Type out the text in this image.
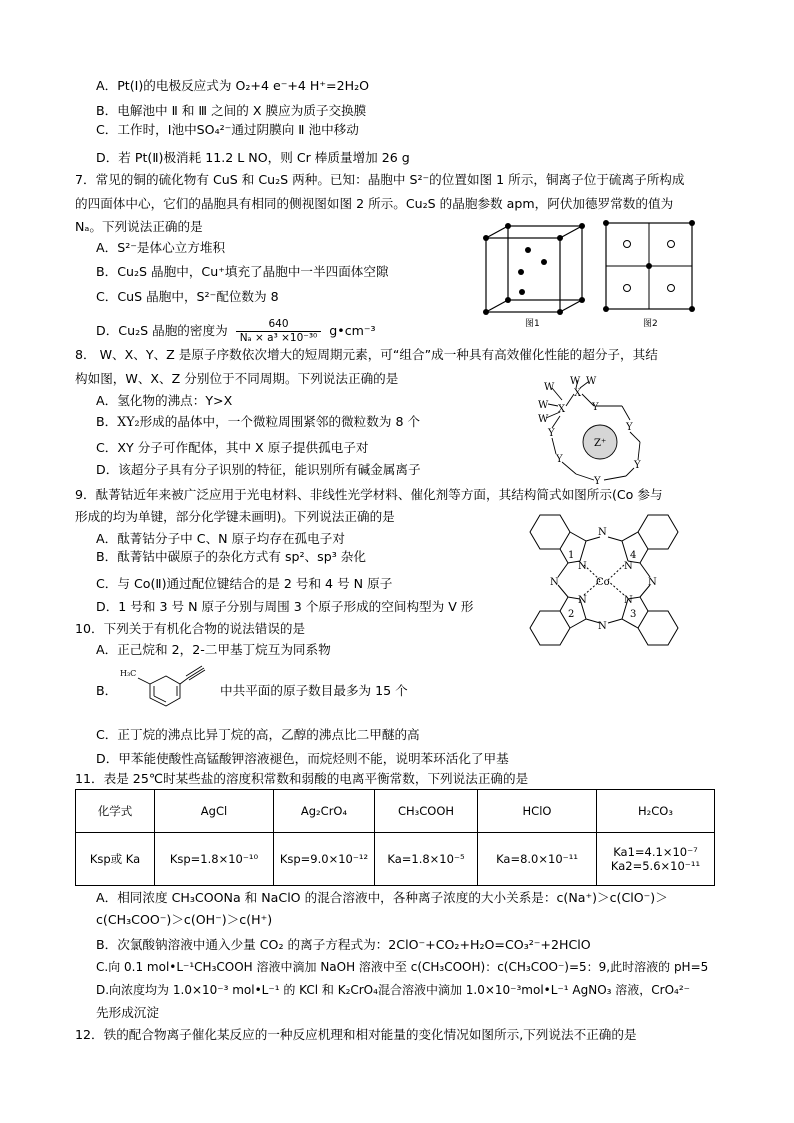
A．Pt(Ⅰ)的电极反应式为 O₂+4 e⁻+4 H⁺=2H₂O
B．电解池中 Ⅱ 和 Ⅲ 之间的 X 膜应为质子交换膜
C．工作时，Ⅰ池中SO₄²⁻通过阴膜向 Ⅱ 池中移动
D．若 Pt(Ⅱ)极消耗 11.2 L NO，则 Cr 棒质量增加 26 g
7．常见的铜的硫化物有 CuS 和 Cu₂S 两种。已知：晶胞中 S²⁻的位置如图 1 所示，铜离子位于硫离子所构成
的四面体中心，它们的晶胞具有相同的侧视图如图 2 所示。Cu₂S 的晶胞参数 apm，阿伏加德罗常数的值为
Nₐ。下列说法正确的是
A．S²⁻是体心立方堆积
B．Cu₂S 晶胞中，Cu⁺填充了晶胞中一半四面体空隙
C．CuS 晶胞中，S²⁻配位数为 8
D．Cu₂S 晶胞的密度为 $\frac{640}{\text{Nₐ × a³ ×10⁻³⁰}}$ g•cm⁻³	图1	图2
8． W、X、Y、Z 是原子序数依次增大的短周期元素，可“组合”成一种具有高效催化性能的超分子，其结
构如图，W、X、Z 分别位于不同周期。下列说法正确的是
A．氢化物的沸点：Y>X
B．XY₂形成的晶体中，一个微粒周围紧邻的微粒数为 8 个
C．XY 分子可作配体，其中 X 原子提供孤电子对
D．该超分子具有分子识别的特征，能识别所有碱金属离子
Z⁺
W
W W
W
W
X
X	Y
Y
Y
Y
Y
Y
9．酞菁钴近年来被广泛应用于光电材料、非线性光学材料、催化剂等方面，其结构简式如图所示(Co 参与
形成的均为单键，部分化学键未画明)。下列说法正确的是
A．酞菁钴分子中 C、N 原子均存在孤电子对
B．酞菁钴中碳原子的杂化方式有 sp²、sp³ 杂化
C．与 Co(Ⅱ)通过配位键结合的是 2 号和 4 号 N 原子
D．1 号和 3 号 N 原子分别与周围 3 个原子形成的空间构型为 V 形
N
N
N	N
N	N
N	N
Co
1	4
2	3
10．下列关于有机化合物的说法错误的是
A．正己烷和 2，2-二甲基丁烷互为同系物
B．
H₃C
中共平面的原子数目最多为 15 个
C．正丁烷的沸点比异丁烷的高，乙醇的沸点比二甲醚的高
D．甲苯能使酸性高锰酸钾溶液褪色，而烷烃则不能，说明苯环活化了甲基
11．表是 25℃时某些盐的溶度积常数和弱酸的电离平衡常数，下列说法正确的是
化学式	AgCl	Ag₂CrO₄	CH₃COOH	HClO	H₂CO₃
Ksp或 Ka	Ksp=1.8×10⁻¹⁰	Ksp=9.0×10⁻¹²	Ka=1.8×10⁻⁵	Ka=8.0×10⁻¹¹	Ka1=4.1×10⁻⁷
Ka2=5.6×10⁻¹¹
A．相同浓度 CH₃COONa 和 NaClO 的混合溶液中，各种离子浓度的大小关系是：c(Na⁺)＞c(ClO⁻)＞
c(CH₃COO⁻)＞c(OH⁻)＞c(H⁺)
B．次氯酸钠溶液中通入少量 CO₂ 的离子方程式为：2ClO⁻+CO₂+H₂O=CO₃²⁻+2HClO
C.向 0.1 mol•L⁻¹CH₃COOH 溶液中滴加 NaOH 溶液中至 c(CH₃COOH)：c(CH₃COO⁻)=5：9,此时溶液的 pH=5
D.向浓度均为 1.0×10⁻³ mol•L⁻¹ 的 KCl 和 K₂CrO₄混合溶液中滴加 1.0×10⁻³mol•L⁻¹ AgNO₃ 溶液，CrO₄²⁻
先形成沉淀
12．铁的配合物离子催化某反应的一种反应机理和相对能量的变化情况如图所示,下列说法不正确的是
